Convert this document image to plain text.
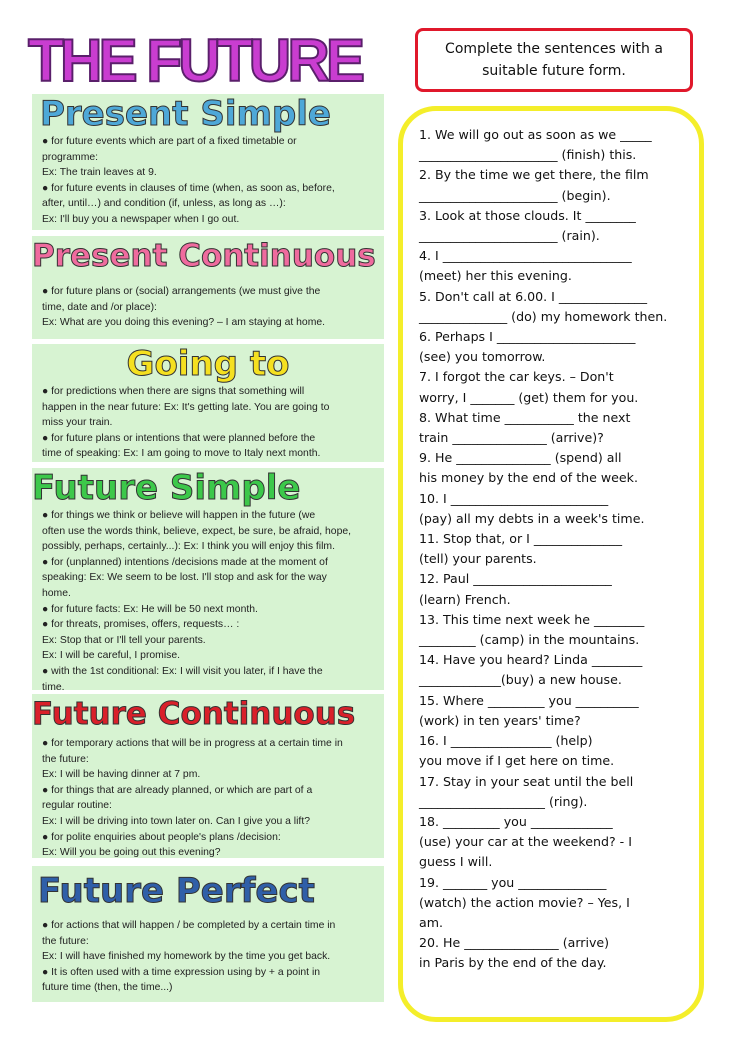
THE FUTURE	Complete the sentences with a suitable future form.
Present Simple

● for future events which are part of a fixed timetable or

programme:

Ex: The train leaves at 9.

● for future events in clauses of time (when, as soon as, before,

after, until…) and condition (if, unless, as long as …):

Ex: I'll buy you a newspaper when I go out.

Present Continuous

● for future plans or (social) arrangements (we must give the

time, date and /or place):

Ex: What are you doing this evening? – I am staying at home.

Going to

● for predictions when there are signs that something will

happen in the near future: Ex: It's getting late. You are going to

miss your train.

● for future plans or intentions that were planned before the

time of speaking: Ex: I am going to move to Italy next month.

Future Simple

● for things we think or believe will happen in the future (we

often use the words think, believe, expect, be sure, be afraid, hope,

possibly, perhaps, certainly...): Ex: I think you will enjoy this film.

● for (unplanned) intentions /decisions made at the moment of

speaking: Ex: We seem to be lost. I'll stop and ask for the way

home.

● for future facts: Ex: He will be 50 next month.

● for threats, promises, offers, requests… :

Ex: Stop that or I'll tell your parents.

Ex: I will be careful, I promise.

● with the 1st conditional: Ex: I will visit you later, if I have the

time.

Future Continuous

● for temporary actions that will be in progress at a certain time in

the future:

Ex: I will be having dinner at 7 pm.

● for things that are already planned, or which are part of a

regular routine:

Ex: I will be driving into town later on. Can I give you a lift?

● for polite enquiries about people's plans /decision:

Ex: Will you be going out this evening?

Future Perfect

● for actions that will happen / be completed by a certain time in

the future:

Ex: I will have finished my homework by the time you get back.

● It is often used with a time expression using by + a point in

future time (then, the time...)

1. We will go out as soon as we _____
______________________ (finish) this.
2. By the time we get there, the film
______________________ (begin).
3. Look at those clouds. It ________
______________________ (rain).
4. I ______________________________
(meet) her this evening.
5. Don't call at 6.00. I ______________
______________ (do) my homework then.
6. Perhaps I ______________________
(see) you tomorrow.
7. I forgot the car keys. – Don't
worry, I _______ (get) them for you.
8. What time ___________ the next
train _______________ (arrive)?
9. He _______________ (spend) all
his money by the end of the week.
10. I _________________________
(pay) all my debts in a week's time.
11. Stop that, or I ______________
(tell) your parents.
12. Paul ______________________
(learn) French.
13. This time next week he ________
_________ (camp) in the mountains.
14. Have you heard? Linda ________
_____________(buy) a new house.
15. Where _________ you __________
(work) in ten years' time?
16. I ________________ (help)
you move if I get here on time.
17. Stay in your seat until the bell
____________________ (ring).
18. _________ you _____________
(use) your car at the weekend? - I
guess I will.
19. _______ you ______________
(watch) the action movie? – Yes, I
am.
20. He _______________ (arrive)
in Paris by the end of the day.
